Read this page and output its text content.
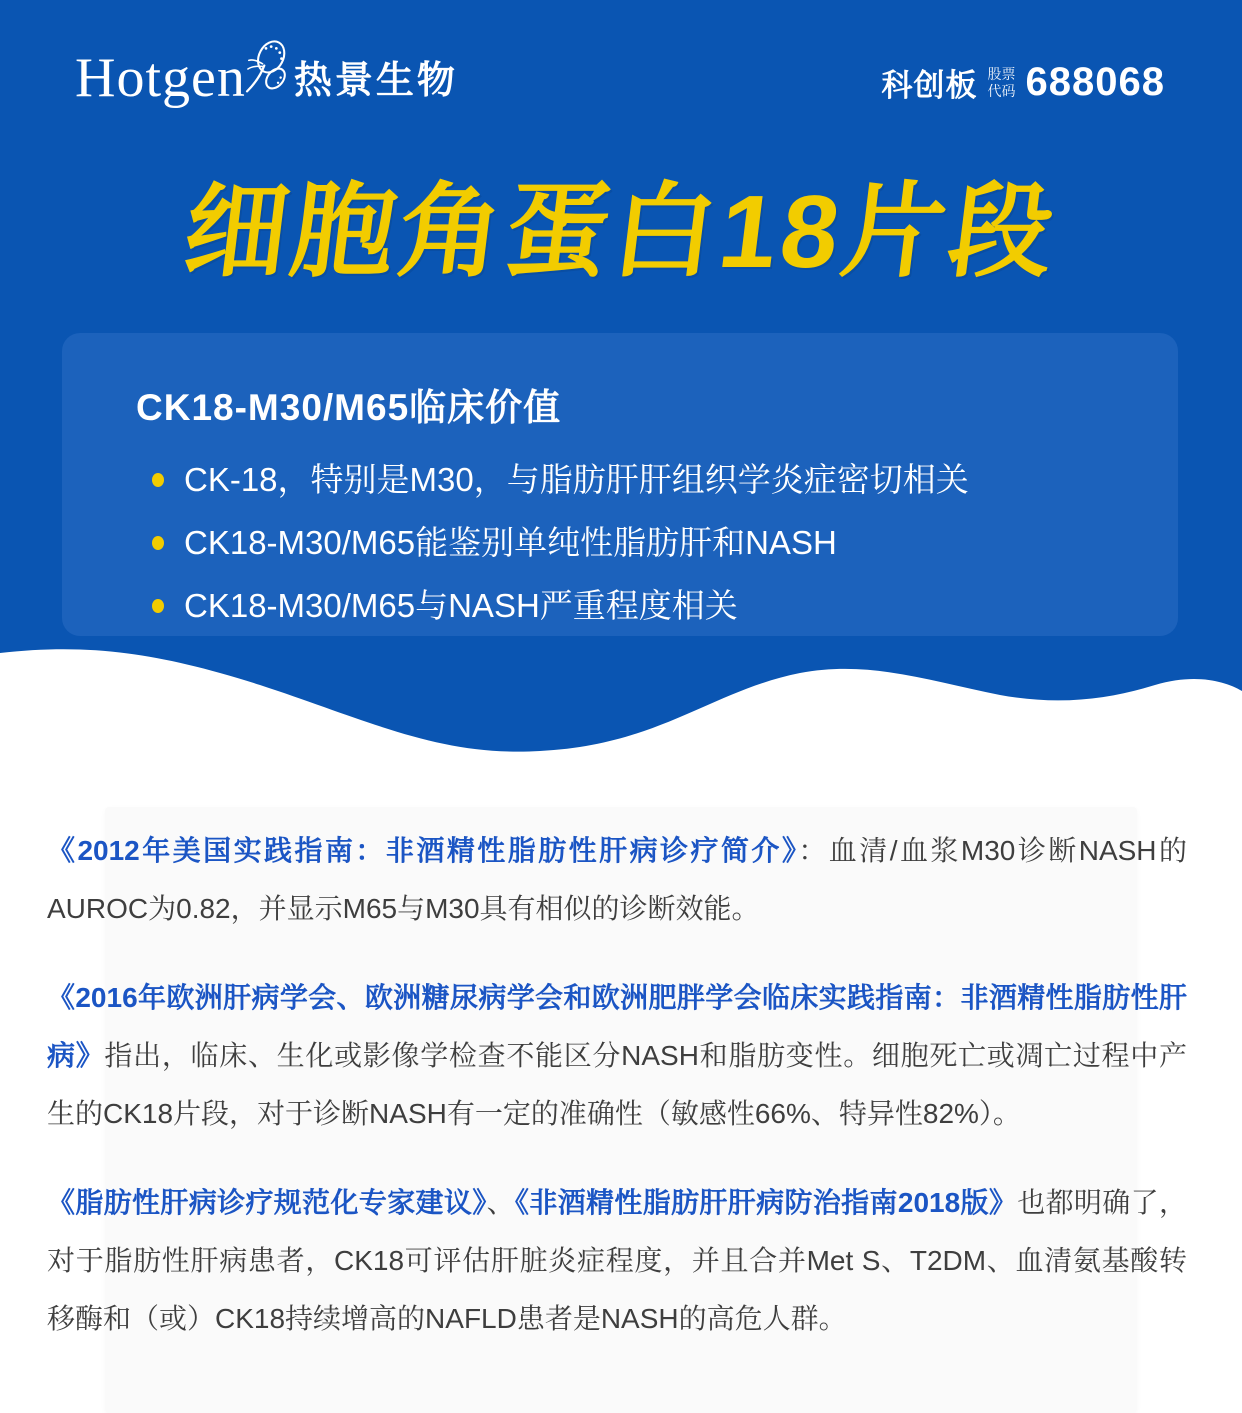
Hotgen 热景生物	科创板 股票
代码 688068
细胞角蛋白18片段
CK18-M30/M65临床价值
CK-18，特别是M30，与脂肪肝肝组织学炎症密切相关
CK18-M30/M65能鉴别单纯性脂肪肝和NASH
CK18-M30/M65与NASH严重程度相关

《2012年美国实践指南：非酒精性脂肪性肝病诊疗简介》：血清/血浆M30诊断NASH的AUROC为0.82，并显示M65与M30具有相似的诊断效能。

《2016年欧洲肝病学会、欧洲糖尿病学会和欧洲肥胖学会临床实践指南：非酒精性脂肪性肝病》指出，临床、生化或影像学检查不能区分NASH和脂肪变性。细胞死亡或凋亡过程中产生的CK18片段，对于诊断NASH有一定的准确性（敏感性66%、特异性82%）。

《脂肪性肝病诊疗规范化专家建议》、《非酒精性脂肪肝肝病防治指南2018版》也都明确了，对于脂肪性肝病患者，CK18可评估肝脏炎症程度，并且合并Met S、T2DM、血清氨基酸转移酶和（或）CK18持续增高的NAFLD患者是NASH的高危人群。
